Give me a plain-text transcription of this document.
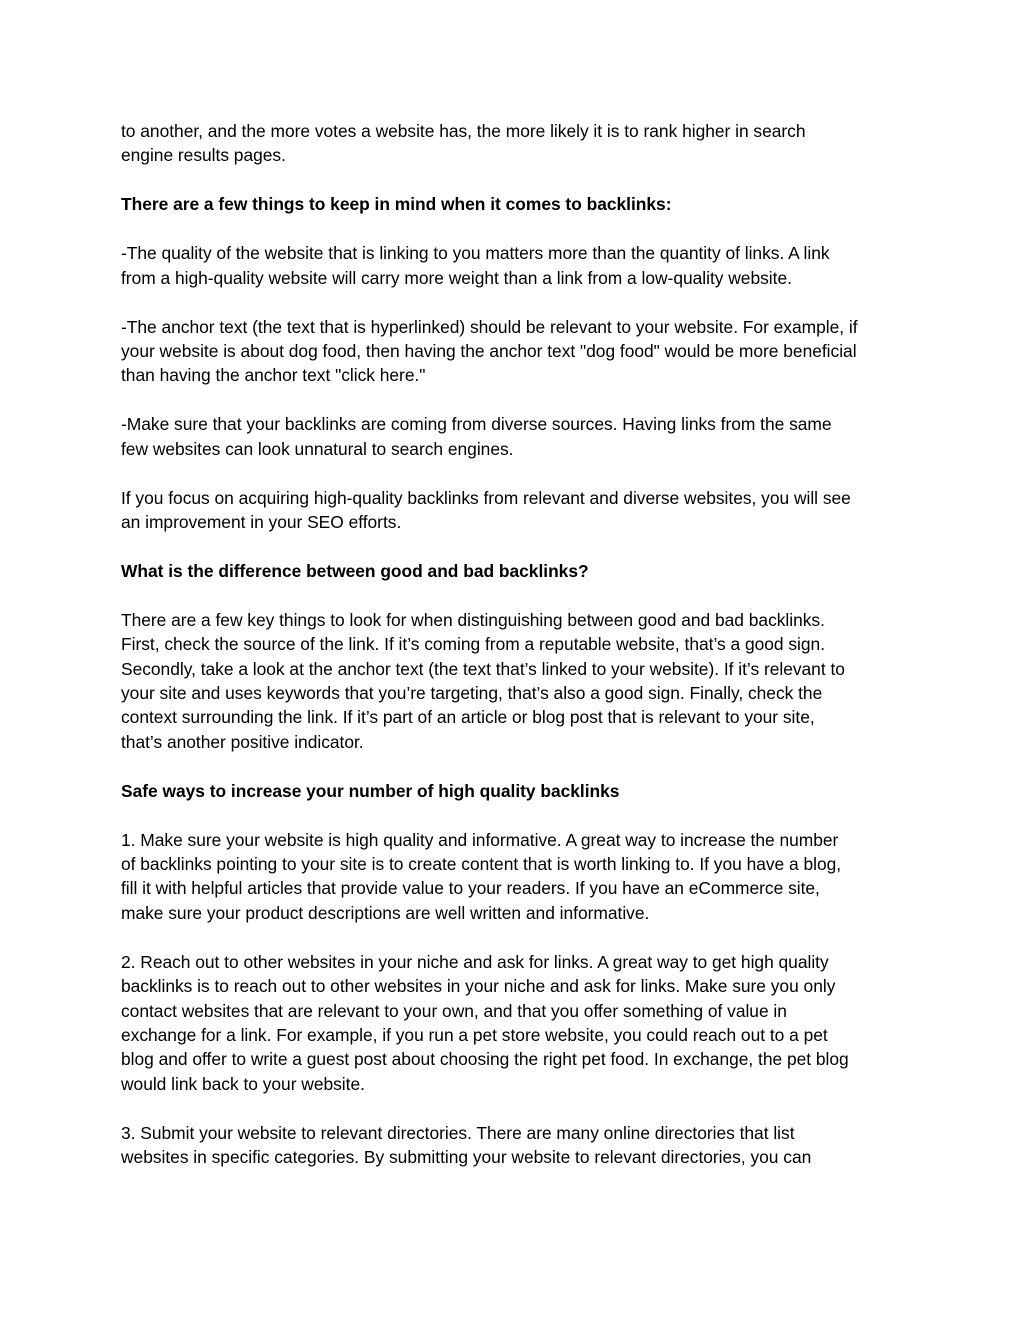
to another, and the more votes a website has, the more likely it is to rank higher in search
engine results pages.

There are a few things to keep in mind when it comes to backlinks:

-The quality of the website that is linking to you matters more than the quantity of links. A link
from a high-quality website will carry more weight than a link from a low-quality website.

-The anchor text (the text that is hyperlinked) should be relevant to your website. For example, if
your website is about dog food, then having the anchor text "dog food" would be more beneficial
than having the anchor text "click here."

-Make sure that your backlinks are coming from diverse sources. Having links from the same
few websites can look unnatural to search engines.

If you focus on acquiring high-quality backlinks from relevant and diverse websites, you will see
an improvement in your SEO efforts.

What is the difference between good and bad backlinks?

There are a few key things to look for when distinguishing between good and bad backlinks.
First, check the source of the link. If it’s coming from a reputable website, that’s a good sign.
Secondly, take a look at the anchor text (the text that’s linked to your website). If it’s relevant to
your site and uses keywords that you’re targeting, that’s also a good sign. Finally, check the
context surrounding the link. If it’s part of an article or blog post that is relevant to your site,
that’s another positive indicator.

Safe ways to increase your number of high quality backlinks

1. Make sure your website is high quality and informative. A great way to increase the number
of backlinks pointing to your site is to create content that is worth linking to. If you have a blog,
fill it with helpful articles that provide value to your readers. If you have an eCommerce site,
make sure your product descriptions are well written and informative.

2. Reach out to other websites in your niche and ask for links. A great way to get high quality
backlinks is to reach out to other websites in your niche and ask for links. Make sure you only
contact websites that are relevant to your own, and that you offer something of value in
exchange for a link. For example, if you run a pet store website, you could reach out to a pet
blog and offer to write a guest post about choosing the right pet food. In exchange, the pet blog
would link back to your website.

3. Submit your website to relevant directories. There are many online directories that list
websites in specific categories. By submitting your website to relevant directories, you can
